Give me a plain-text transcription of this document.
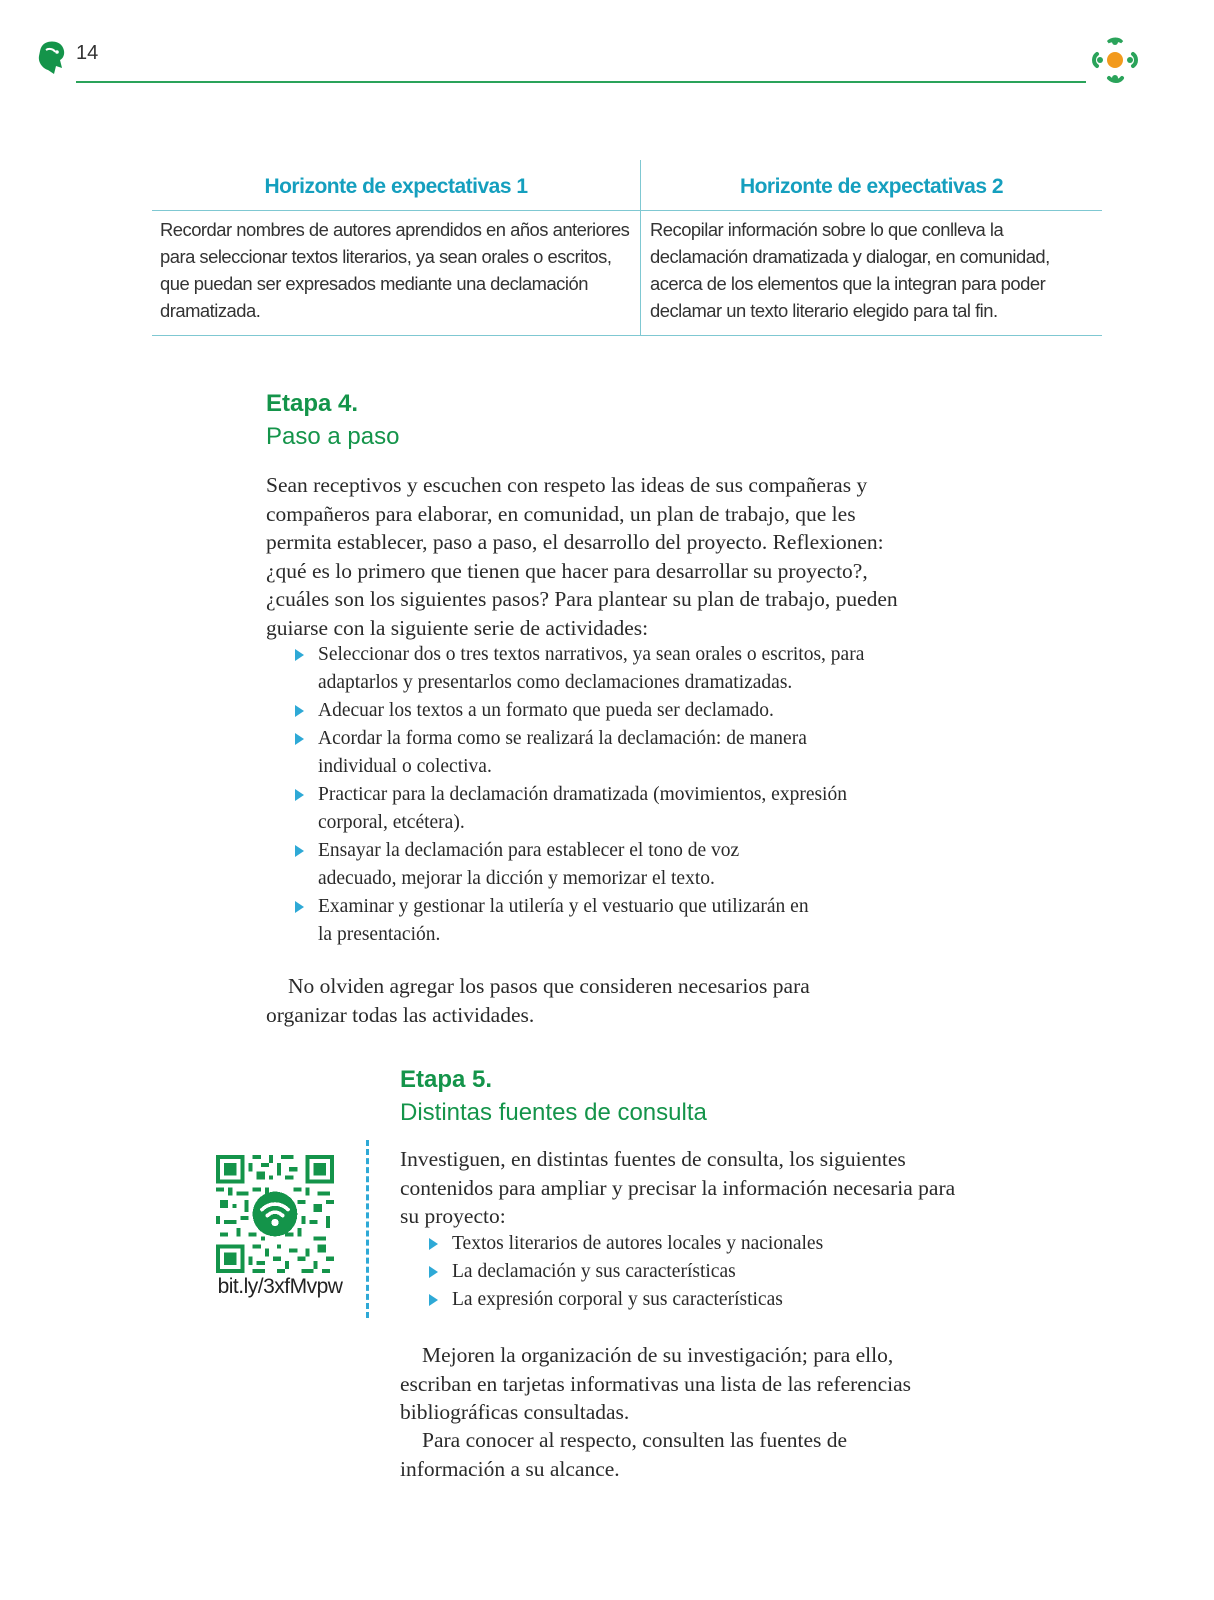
14
Horizonte de expectativas 1	Horizonte de expectativas 2
Recordar nombres de autores aprendidos en años anteriores para seleccionar textos literarios, ya sean orales o escritos, que puedan ser expresados mediante una declamación dramatizada.
Recopilar información sobre lo que conlleva la declamación dramatizada y dialogar, en comunidad, acerca de los elementos que la integran para poder declamar un texto literario elegido para tal fin.
Etapa 4.
Paso a paso
Sean receptivos y escuchen con respeto las ideas de sus compañeras y compañeros para elaborar, en comunidad, un plan de trabajo, que les permita establecer, paso a paso, el desarrollo del proyecto. Reflexionen: ¿qué es lo primero que tienen que hacer para desarrollar su proyecto?, ¿cuáles son los siguientes pasos? Para plantear su plan de trabajo, pueden guiarse con la siguiente serie de actividades:
Seleccionar dos o tres textos narrativos, ya sean orales o escritos, para adaptarlos y presentarlos como declamaciones dramatizadas.
Adecuar los textos a un formato que pueda ser declamado.
Acordar la forma como se realizará la declamación: de manera individual o colectiva.
Practicar para la declamación dramatizada (movimientos, expresión corporal, etcétera).
Ensayar la declamación para establecer el tono de voz adecuado, mejorar la dicción y memorizar el texto.
Examinar y gestionar la utilería y el vestuario que utilizarán en la presentación.
No olviden agregar los pasos que consideren necesarios para organizar todas las actividades.
Etapa 5.
Distintas fuentes de consulta
bit.ly/3xfMvpw
Investiguen, en distintas fuentes de consulta, los siguientes contenidos para ampliar y precisar la información necesaria para su proyecto:
Textos literarios de autores locales y nacionales
La declamación y sus características
La expresión corporal y sus características
Mejoren la organización de su investigación; para ello, escriban en tarjetas informativas una lista de las referencias bibliográficas consultadas.
Para conocer al respecto, consulten las fuentes de información a su alcance.
